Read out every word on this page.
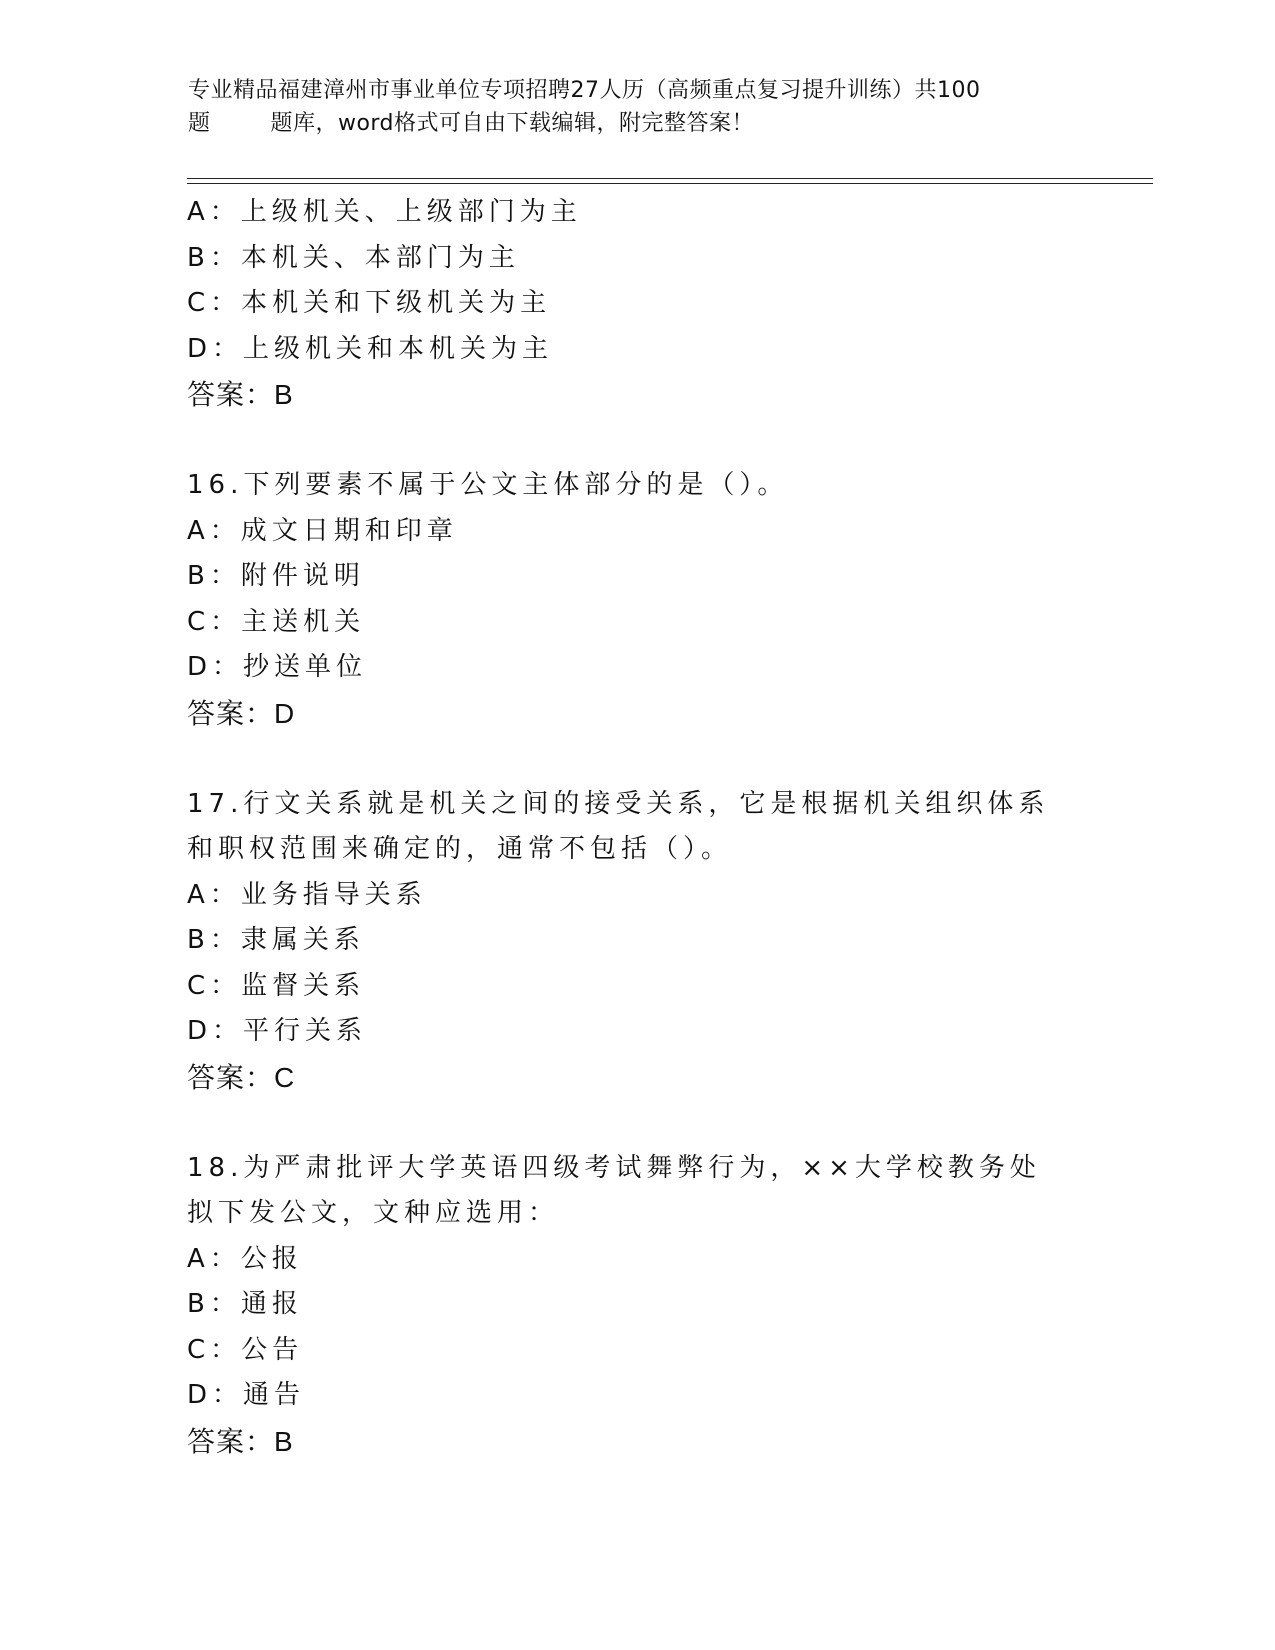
专业精品福建漳州市事业单位专项招聘27人历（高频重点复习提升训练）共100
题        题库，word格式可自由下载编辑，附完整答案！
A：上级机关、上级部门为主
B：本机关、本部门为主
C：本机关和下级机关为主
D：上级机关和本机关为主
答案：B
16.下列要素不属于公文主体部分的是（）。
A：成文日期和印章
B：附件说明
C：主送机关
D：抄送单位
答案：D
17.行文关系就是机关之间的接受关系，它是根据机关组织体系和职权范围来确定的，通常不包括（）。
A：业务指导关系
B：隶属关系
C：监督关系
D：平行关系
答案：C
18.为严肃批评大学英语四级考试舞弊行为，××大学校教务处拟下发公文，文种应选用：
A：公报
B：通报
C：公告
D：通告
答案：B
